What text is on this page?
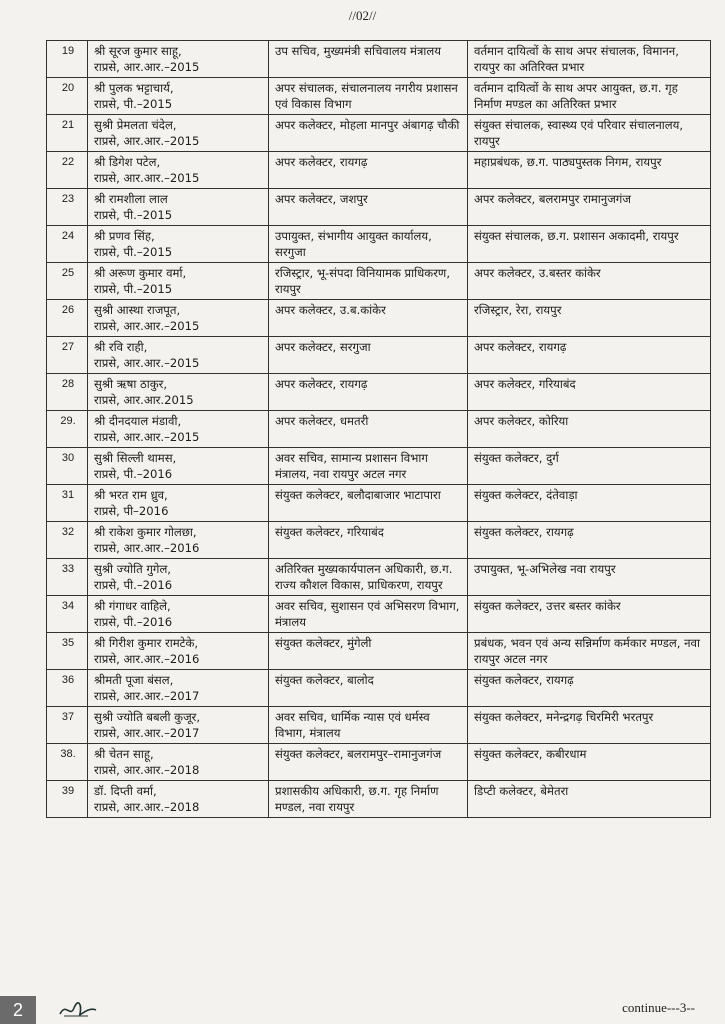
//02//
19	श्री सूरज कुमार साहू,
राप्रसे, आर.आर.–2015	उप सचिव, मुख्यमंत्री सचिवालय मंत्रालय	वर्तमान दायित्वों के साथ अपर संचालक, विमानन, रायपुर का अतिरिक्त प्रभार
20	श्री पुलक भट्टाचार्य,
राप्रसे, पी.–2015	अपर संचालक, संचालनालय नगरीय प्रशासन एवं विकास विभाग	वर्तमान दायित्वों के साथ अपर आयुक्त, छ.ग. गृह निर्माण मण्डल का अतिरिक्त प्रभार
21	सुश्री प्रेमलता चंदेल,
राप्रसे, आर.आर.–2015	अपर कलेक्टर, मोहला मानपुर अंबागढ़ चौकी	संयुक्त संचालक, स्वास्थ्य एवं परिवार संचालनालय, रायपुर
22	श्री डिगेश पटेल,
राप्रसे, आर.आर.–2015	अपर कलेक्टर, रायगढ़	महाप्रबंधक, छ.ग. पाठ्यपुस्तक निगम, रायपुर
23	श्री रामशीला लाल
राप्रसे, पी.–2015	अपर कलेक्टर, जशपुर	अपर कलेक्टर, बलरामपुर रामानुजगंज
24	श्री प्रणव सिंह,
राप्रसे, पी.–2015	उपायुक्त, संभागीय आयुक्त कार्यालय, सरगुजा	संयुक्त संचालक, छ.ग. प्रशासन अकादमी, रायपुर
25	श्री अरूण कुमार वर्मा,
राप्रसे, पी.–2015	रजिस्ट्रार, भू-संपदा विनियामक प्राधिकरण, रायपुर	अपर कलेक्टर, उ.बस्तर कांकेर
26	सुश्री आस्था राजपूत,
राप्रसे, आर.आर.–2015	अपर कलेक्टर, उ.ब.कांकेर	रजिस्ट्रार, रेरा, रायपुर
27	श्री रवि राही,
राप्रसे, आर.आर.–2015	अपर कलेक्टर, सरगुजा	अपर कलेक्टर, रायगढ़
28	सुश्री ऋषा ठाकुर,
राप्रसे, आर.आर.2015	अपर कलेक्टर, रायगढ़	अपर कलेक्टर, गरियाबंद
29.	श्री दीनदयाल मंडावी,
राप्रसे, आर.आर.–2015	अपर कलेक्टर, धमतरी	अपर कलेक्टर, कोरिया
30	सुश्री सिल्ली थामस,
राप्रसे, पी.–2016	अवर सचिव, सामान्य प्रशासन विभाग मंत्रालय, नवा रायपुर अटल नगर	संयुक्त कलेक्टर, दुर्ग
31	श्री भरत राम ध्रुव,
राप्रसे, पी–2016	संयुक्त कलेक्टर, बलौदाबाजार भाटापारा	संयुक्त कलेक्टर, दंतेवाड़ा
32	श्री राकेश कुमार गोलछा,
राप्रसे, आर.आर.–2016	संयुक्त कलेक्टर, गरियाबंद	संयुक्त कलेक्टर, रायगढ़
33	सुश्री ज्योति गुगेल,
राप्रसे, पी.–2016	अतिरिक्त मुख्यकार्यपालन अधिकारी, छ.ग. राज्य कौशल विकास, प्राधिकरण, रायपुर	उपायुक्त, भू-अभिलेख नवा रायपुर
34	श्री गंगाधर वाहिले,
राप्रसे, पी.–2016	अवर सचिव, सुशासन एवं अभिसरण विभाग, मंत्रालय	संयुक्त कलेक्टर, उत्तर बस्तर कांकेर
35	श्री गिरीश कुमार रामटेके,
राप्रसे, आर.आर.–2016	संयुक्त कलेक्टर, मुंगेली	प्रबंधक, भवन एवं अन्य सन्निर्माण कर्मकार मण्डल, नवा रायपुर अटल नगर
36	श्रीमती पूजा बंसल,
राप्रसे, आर.आर.–2017	संयुक्त कलेक्टर, बालोद	संयुक्त कलेक्टर, रायगढ़
37	सुश्री ज्योति बबली कुजूर,
राप्रसे, आर.आर.–2017	अवर सचिव, धार्मिक न्यास एवं धर्मस्व विभाग, मंत्रालय	संयुक्त कलेक्टर, मनेन्द्रगढ़ चिरमिरी भरतपुर
38.	श्री चेतन साहू,
राप्रसे, आर.आर.–2018	संयुक्त कलेक्टर, बलरामपुर–रामानुजगंज	संयुक्त कलेक्टर, कबीरधाम
39	डॉ. दिप्ती वर्मा,
राप्रसे, आर.आर.–2018	प्रशासकीय अधिकारी, छ.ग. गृह निर्माण मण्डल, नवा रायपुर	डिप्टी कलेक्टर, बेमेतरा
continue---3--
2
